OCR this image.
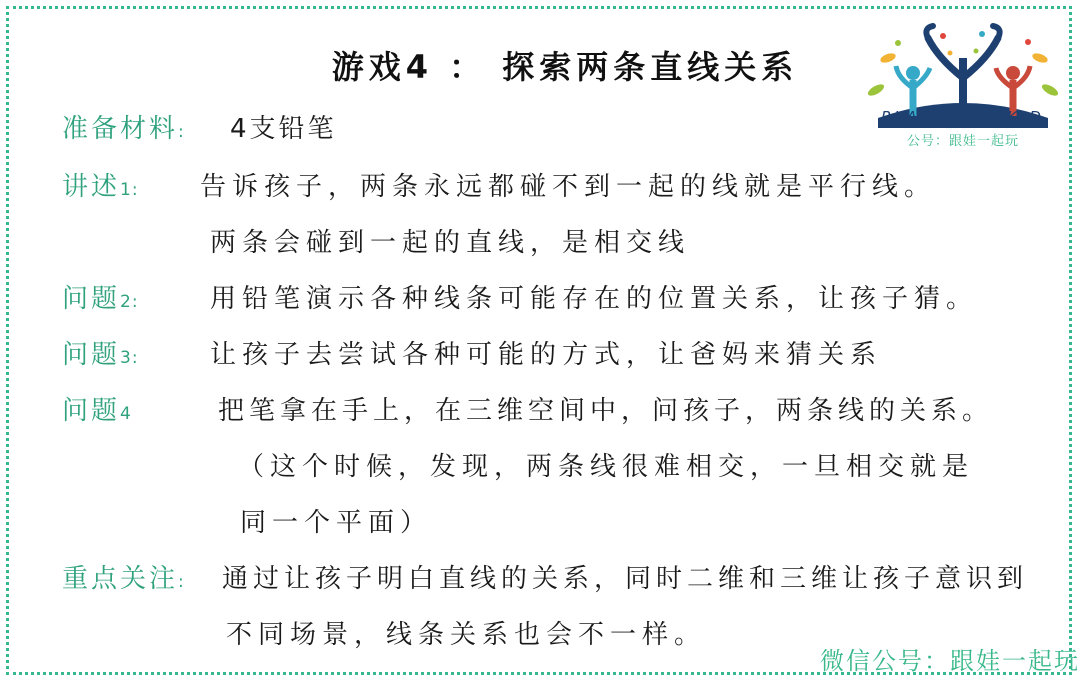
游戏4 ： 探索两条直线关系
PLAY WITH KID
公号：跟娃一起玩
准备材料: 4支铅笔
讲述1: 告诉孩子，两条永远都碰不到一起的线就是平行线。
两条会碰到一起的直线，是相交线
问题2:	用铅笔演示各种线条可能存在的位置关系，让孩子猜。
问题3:	让孩子去尝试各种可能的方式，让爸妈来猜关系
问题4	把笔拿在手上，在三维空间中，问孩子，两条线的关系。
（这个时候，发现，两条线很难相交，一旦相交就是
同一个平面）
重点关注: 通过让孩子明白直线的关系，同时二维和三维让孩子意识到
不同场景，线条关系也会不一样。
微信公号：跟娃一起玩
